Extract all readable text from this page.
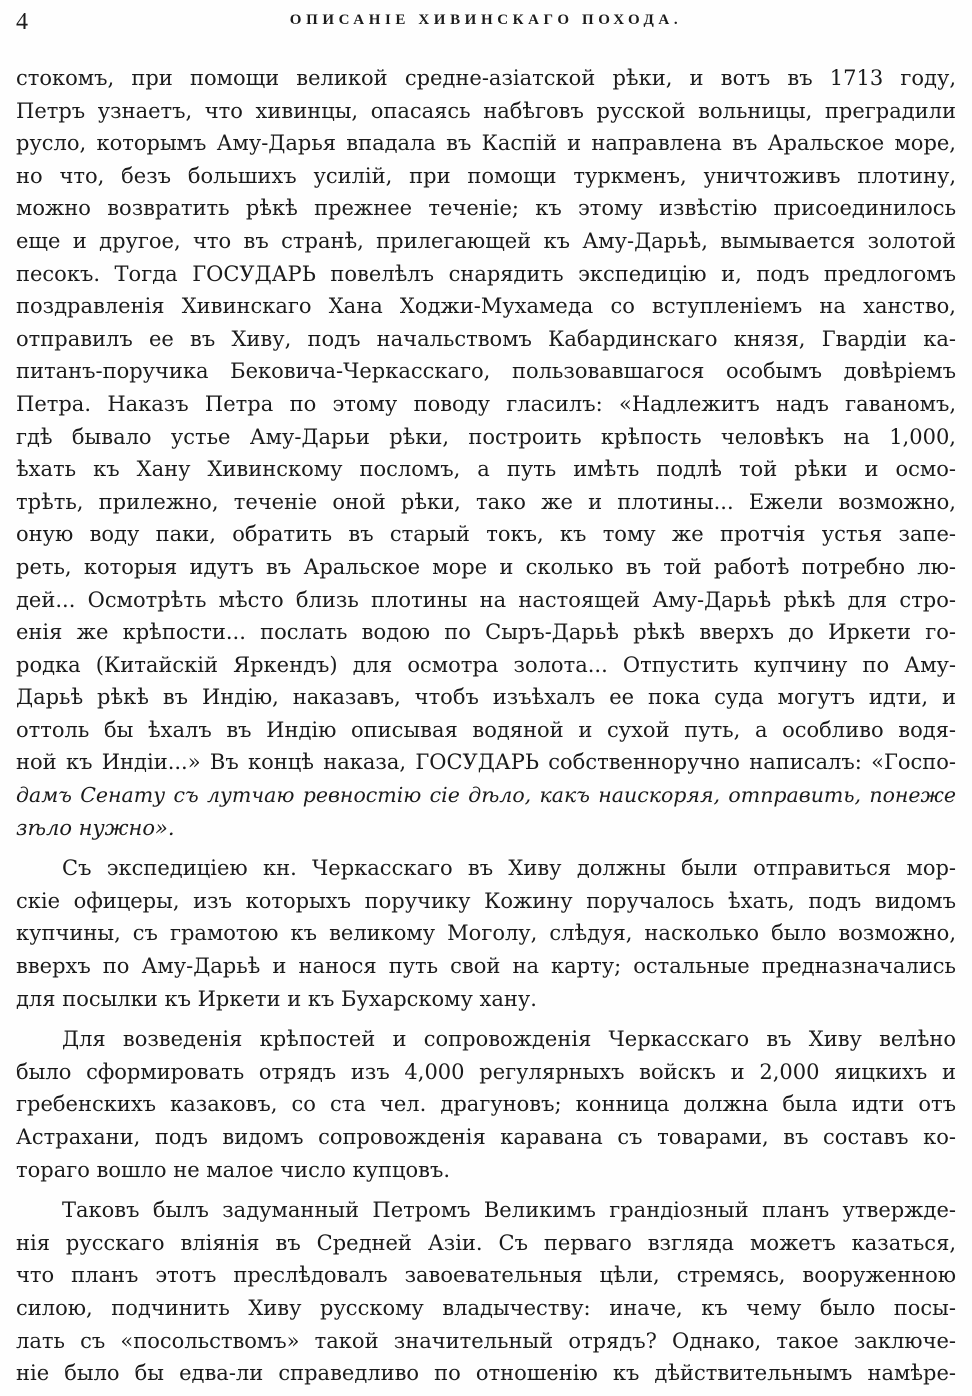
4	ОПИСАНІЕ ХИВИНСКАГО ПОХОДА.
стокомъ, при помощи великой средне-азіатской рѣки, и вотъ въ 1713 году,
Петръ узнаетъ, что хивинцы, опасаясь набѣговъ русской вольницы, преградили
русло, которымъ Аму-Дарья впадала въ Каспій и направлена въ Аральское море,
но что, безъ большихъ усилій, при помощи туркменъ, уничтоживъ плотину,
можно возвратить рѣкѣ прежнее теченіе; къ этому извѣстію присоединилось
еще и другое, что въ странѣ, прилегающей къ Аму-Дарьѣ, вымывается золотой
песокъ. Тогда ГОСУДАРЬ повелѣлъ снарядить экспедицію и, подъ предлогомъ
поздравленія Хивинскаго Хана Ходжи-Мухамеда со вступленіемъ на ханство,
отправилъ ее въ Хиву, подъ начальствомъ Кабардинскаго князя, Гвардіи ка-
питанъ-поручика Бековича-Черкасскаго, пользовавшагося особымъ довѣріемъ
Петра. Наказъ Петра по этому поводу гласилъ: «Надлежитъ надъ гаваномъ,
гдѣ бывало устье Аму-Дарьи рѣки, построить крѣпость человѣкъ на 1,000,
ѣхать къ Хану Хивинскому посломъ, а путь имѣть подлѣ той рѣки и осмо-
трѣть, прилежно, теченіе оной рѣки, тако же и плотины... Ежели возможно,
оную воду паки, обратить въ старый токъ, къ тому же протчія устья запе-
реть, которыя идутъ въ Аральское море и сколько въ той работѣ потребно лю-
дей... Осмотрѣть мѣсто близь плотины на настоящей Аму-Дарьѣ рѣкѣ для стро-
енія же крѣпости... послать водою по Сыръ-Дарьѣ рѣкѣ вверхъ до Иркети го-
родка (Китайскій Яркендъ) для осмотра золота... Отпустить купчину по Аму-
Дарьѣ рѣкѣ въ Индію, наказавъ, чтобъ изъѣхалъ ее пока суда могутъ идти, и
оттоль бы ѣхалъ въ Индію описывая водяной и сухой путь, а особливо водя-
ной къ Индіи...» Въ концѣ наказа, ГОСУДАРЬ собственноручно написалъ: «Госпо-
дамъ Сенату съ лутчаю ревностію сіе дѣло, какъ наискоряя, отправить, понеже
зѣло нужно».
Съ экспедиціею кн. Черкасскаго въ Хиву должны были отправиться мор-
скіе офицеры, изъ которыхъ поручику Кожину поручалось ѣхать, подъ видомъ
купчины, съ грамотою къ великому Моголу, слѣдуя, насколько было возможно,
вверхъ по Аму-Дарьѣ и нанося путь свой на карту; остальные предназначались
для посылки къ Иркети и къ Бухарскому хану.
Для возведенія крѣпостей и сопровожденія Черкасскаго въ Хиву велѣно
было сформировать отрядъ изъ 4,000 регулярныхъ войскъ и 2,000 яицкихъ и
гребенскихъ казаковъ, со ста чел. драгуновъ; конница должна была идти отъ
Астрахани, подъ видомъ сопровожденія каравана съ товарами, въ составъ ко-
тораго вошло не малое число купцовъ.
Таковъ былъ задуманный Петромъ Великимъ грандіозный планъ утвержде-
нія русскаго вліянія въ Средней Азіи. Съ перваго взгляда можетъ казаться,
что планъ этотъ преслѣдовалъ завоевательныя цѣли, стремясь, вооруженною
силою, подчинить Хиву русскому владычеству: иначе, къ чему было посы-
лать съ «посольствомъ» такой значительный отрядъ? Однако, такое заключе-
ніе было бы едва-ли справедливо по отношенію къ дѣйствительнымъ намѣре-
